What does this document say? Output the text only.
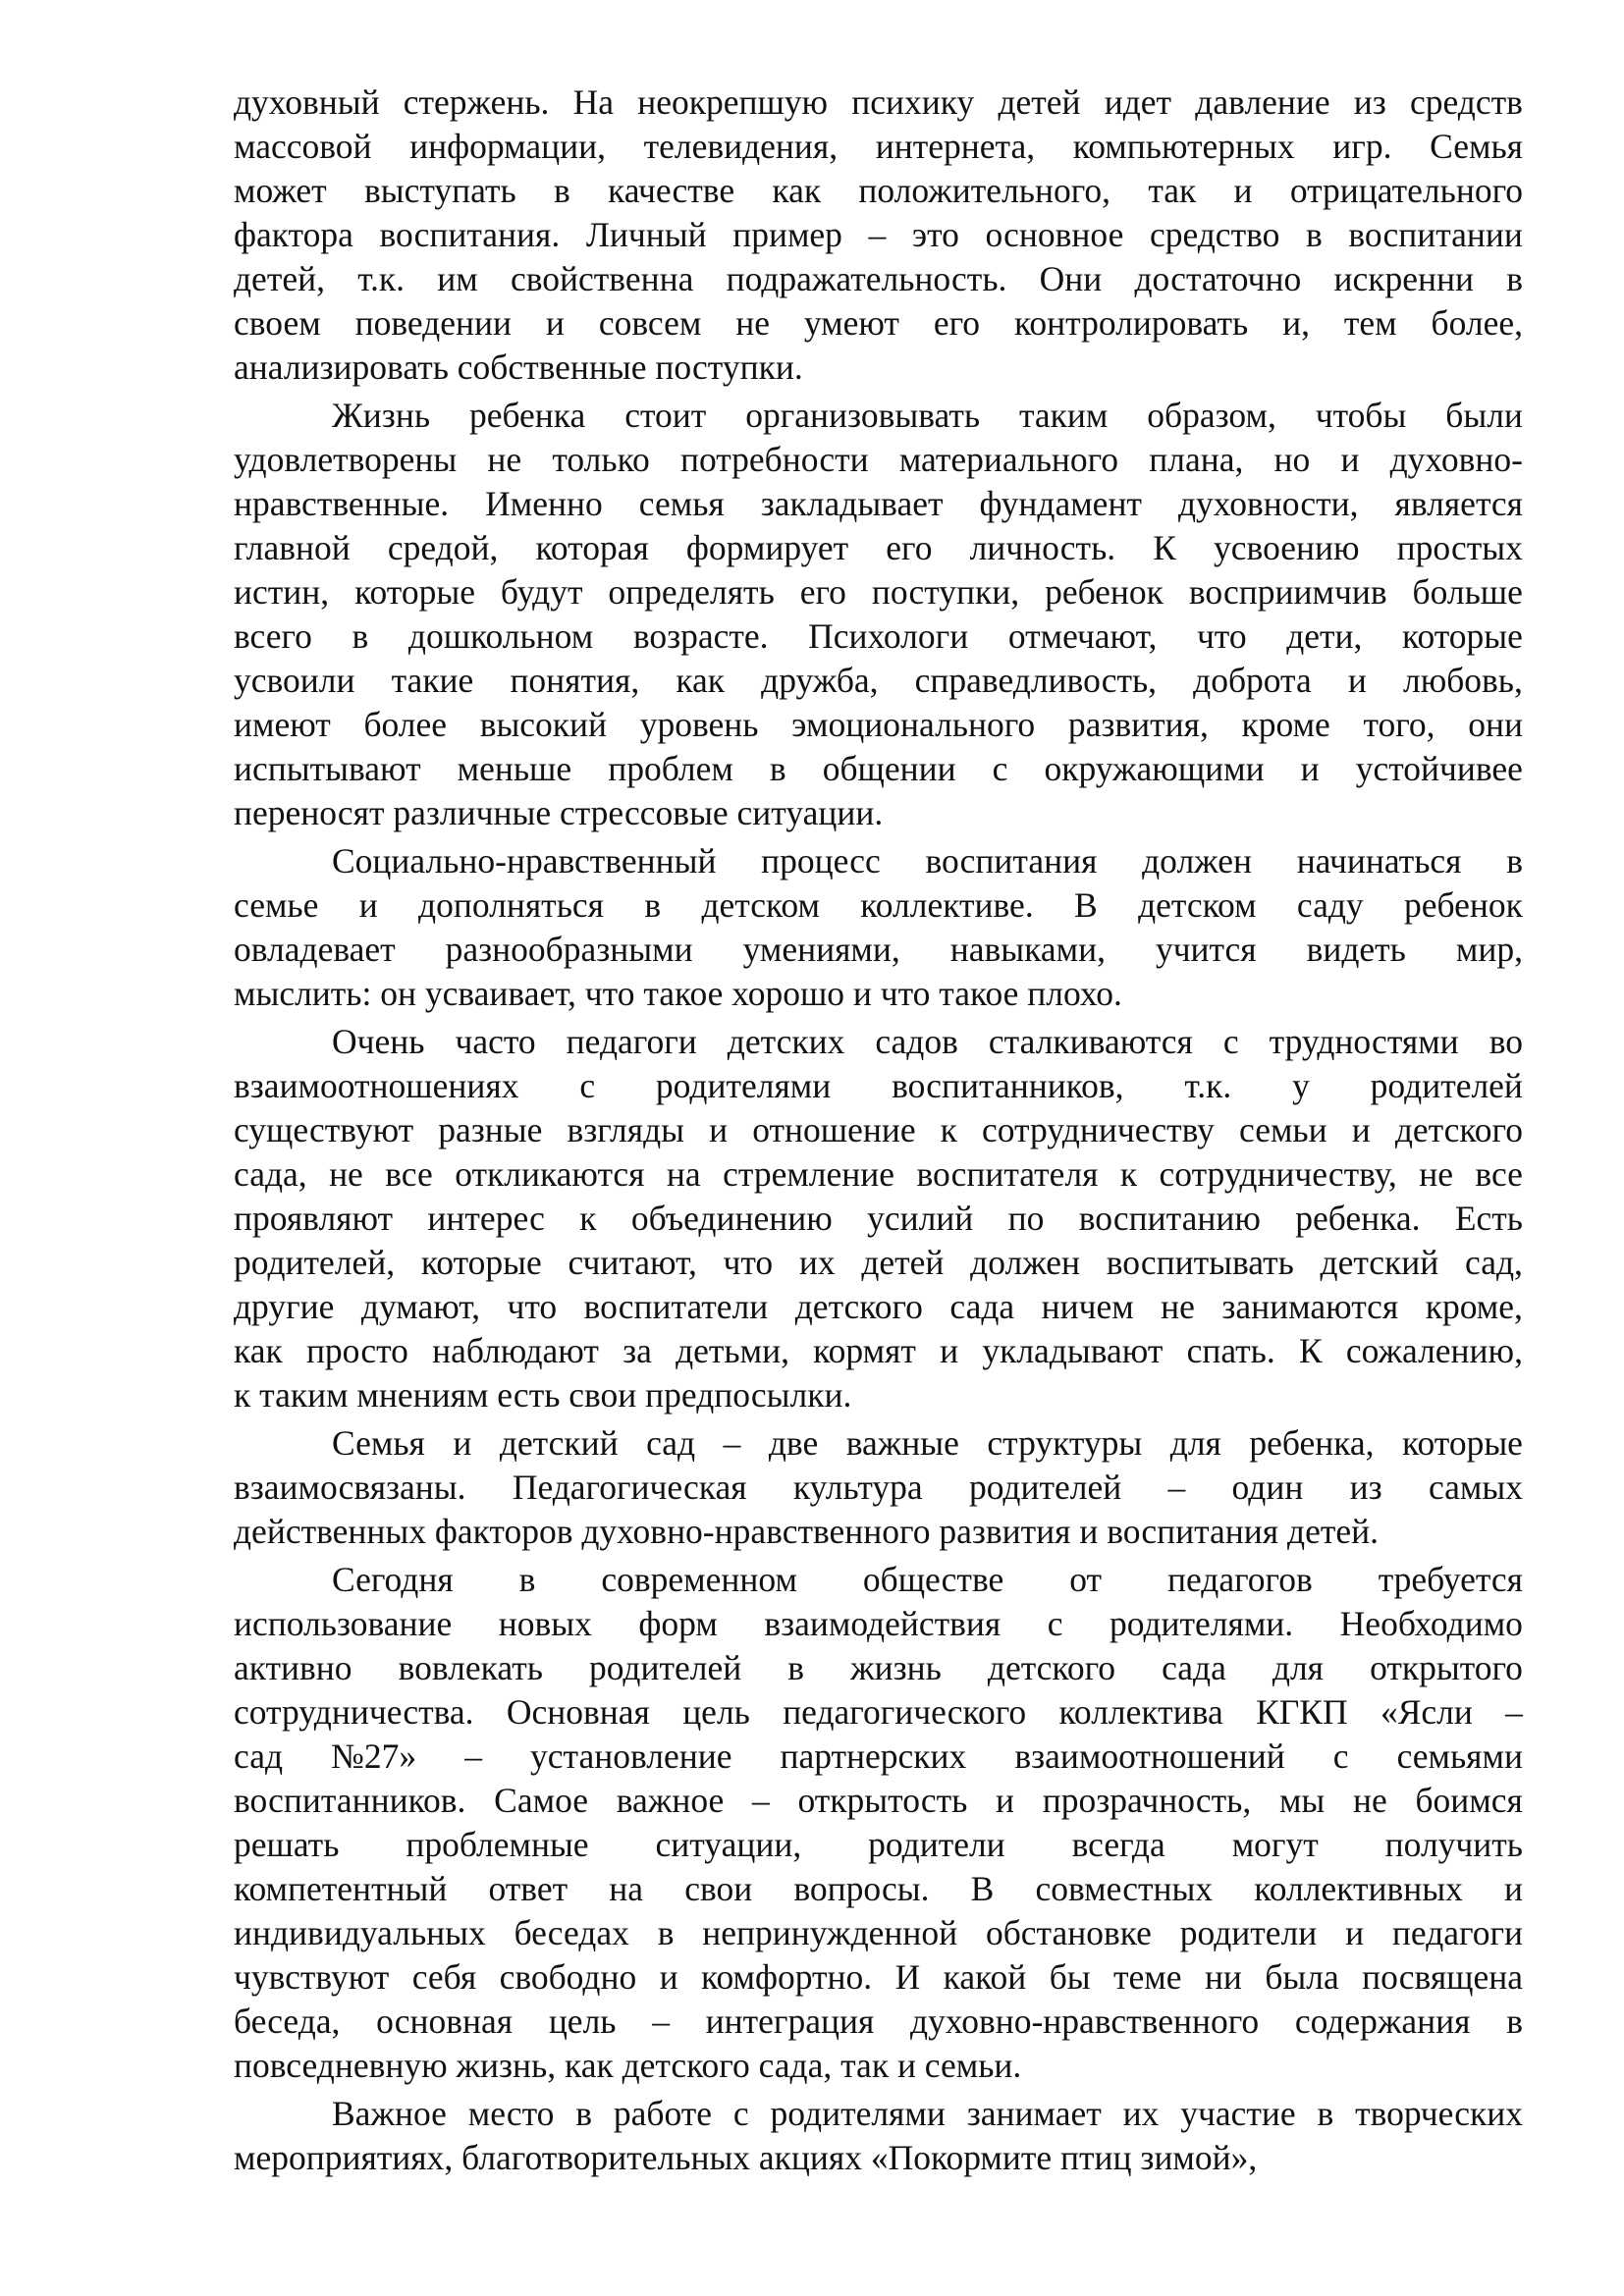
духовный стержень. На неокрепшую психику детей идет давление из средств
массовой информации, телевидения, интернета, компьютерных игр. Семья
может выступать в качестве как положительного, так и отрицательного
фактора воспитания. Личный пример – это основное средство в воспитании
детей, т.к. им свойственна подражательность. Они достаточно искренни в
своем поведении и совсем не умеют его контролировать и, тем более,
анализировать собственные поступки.
Жизнь ребенка стоит организовывать таким образом, чтобы были
удовлетворены не только потребности материального плана, но и духовно-
нравственные. Именно семья закладывает фундамент духовности, является
главной средой, которая формирует его личность. К усвоению простых
истин, которые будут определять его поступки, ребенок восприимчив больше
всего в дошкольном возрасте. Психологи отмечают, что дети, которые
усвоили такие понятия, как дружба, справедливость, доброта и любовь,
имеют более высокий уровень эмоционального развития, кроме того, они
испытывают меньше проблем в общении с окружающими и устойчивее
переносят различные стрессовые ситуации.
Социально-нравственный процесс воспитания должен начинаться в
семье и дополняться в детском коллективе. В детском саду ребенок
овладевает разнообразными умениями, навыками, учится видеть мир,
мыслить: он усваивает, что такое хорошо и что такое плохо.
Очень часто педагоги детских садов сталкиваются с трудностями во
взаимоотношениях с родителями воспитанников, т.к. у родителей
существуют разные взгляды и отношение к сотрудничеству семьи и детского
сада, не все откликаются на стремление воспитателя к сотрудничеству, не все
проявляют интерес к объединению усилий по воспитанию ребенка. Есть
родителей, которые считают, что их детей должен воспитывать детский сад,
другие думают, что воспитатели детского сада ничем не занимаются кроме,
как просто наблюдают за детьми, кормят и укладывают спать. К сожалению,
к таким мнениям есть свои предпосылки.
Семья и детский сад – две важные структуры для ребенка, которые
взаимосвязаны. Педагогическая культура родителей – один из самых
действенных факторов духовно-нравственного развития и воспитания детей.
Сегодня в современном обществе от педагогов требуется
использование новых форм взаимодействия с родителями. Необходимо
активно вовлекать родителей в жизнь детского сада для открытого
сотрудничества. Основная цель педагогического коллектива КГКП «Ясли –
сад №27» – установление партнерских взаимоотношений с семьями
воспитанников. Самое важное – открытость и прозрачность, мы не боимся
решать проблемные ситуации, родители всегда могут получить
компетентный ответ на свои вопросы. В совместных коллективных и
индивидуальных беседах в непринужденной обстановке родители и педагоги
чувствуют себя свободно и комфортно. И какой бы теме ни была посвящена
беседа, основная цель – интеграция духовно-нравственного содержания в
повседневную жизнь, как детского сада, так и семьи.
Важное место в работе с родителями занимает их участие в творческих
мероприятиях, благотворительных акциях «Покормите птиц зимой»,
